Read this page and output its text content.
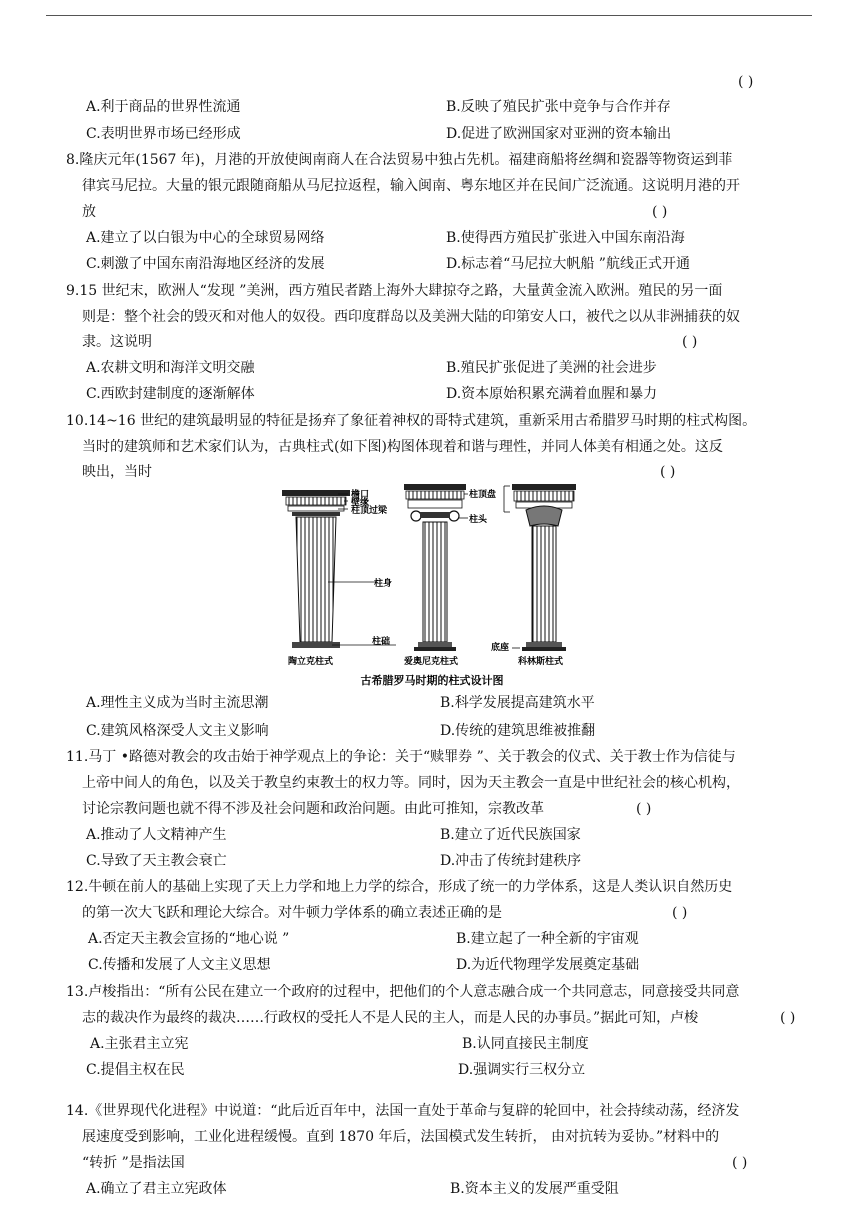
( )
A.利于商品的世界性流通	B.反映了殖民扩张中竞争与合作并存
C.表明世界市场已经形成	D.促进了欧洲国家对亚洲的资本输出
8.隆庆元年(1567 年)，月港的开放使闽南商人在合法贸易中独占先机。福建商船将丝绸和瓷器等物资运到菲
律宾马尼拉。大量的银元跟随商船从马尼拉返程，输入闽南、粤东地区并在民间广泛流通。这说明月港的开
放	( )
A.建立了以白银为中心的全球贸易网络	B.使得西方殖民扩张进入中国东南沿海
C.刺激了中国东南沿海地区经济的发展	D.标志着“马尼拉大帆船 ”航线正式开通
9.15 世纪末，欧洲人“发现 ”美洲，西方殖民者踏上海外大肆掠夺之路，大量黄金流入欧洲。殖民的另一面
则是：整个社会的毁灭和对他人的奴役。西印度群岛以及美洲大陆的印第安人口，被代之以从非洲捕获的奴
隶。这说明	( )
A.农耕文明和海洋文明交融	B.殖民扩张促进了美洲的社会进步
C.西欧封建制度的逐渐解体	D.资本原始积累充满着血腥和暴力
10.14~16 世纪的建筑最明显的特征是扬弃了象征着神权的哥特式建筑，重新采用古希腊罗马时期的柱式构图。
当时的建筑师和艺术家们认为，古典柱式(如下图)构图体现着和谐与理性，并同人体美有相通之处。这反
映出，当时	( )
檐口
壁缘
柱顶过梁
柱身
柱础
柱顶盘
柱头
底座
陶立克柱式	爱奥尼克柱式	科林斯柱式
古希腊罗马时期的柱式设计图
A.理性主义成为当时主流思潮	B.科学发展提高建筑水平
C.建筑风格深受人文主义影响	D.传统的建筑思维被推翻
11.马丁 •路德对教会的攻击始于神学观点上的争论：关于“赎罪券 ”、关于教会的仪式、关于教士作为信徒与
上帝中间人的角色，以及关于教皇约束教士的权力等。同时，因为天主教会一直是中世纪社会的核心机构，
讨论宗教问题也就不得不涉及社会问题和政治问题。由此可推知，宗教改革	( )
A.推动了人文精神产生	B.建立了近代民族国家
C.导致了天主教会衰亡	D.冲击了传统封建秩序
12.牛顿在前人的基础上实现了天上力学和地上力学的综合，形成了统一的力学体系，这是人类认识自然历史
的第一次大飞跃和理论大综合。对牛顿力学体系的确立表述正确的是	( )
A.否定天主教会宣扬的“地心说 ”	B.建立起了一种全新的宇宙观
C.传播和发展了人文主义思想	D.为近代物理学发展奠定基础
13.卢梭指出：“所有公民在建立一个政府的过程中，把他们的个人意志融合成一个共同意志，同意接受共同意
志的裁决作为最终的裁决……行政权的受托人不是人民的主人，而是人民的办事员。”据此可知，卢梭	( )
A.主张君主立宪	B.认同直接民主制度
C.提倡主权在民	D.强调实行三权分立
14.《世界现代化进程》中说道：“此后近百年中，法国一直处于革命与复辟的轮回中，社会持续动荡，经济发
展速度受到影响，工业化进程缓慢。直到 1870 年后，法国模式发生转折， 由对抗转为妥协。”材料中的
“转折 ”是指法国	( )
A.确立了君主立宪政体	B.资本主义的发展严重受阻
